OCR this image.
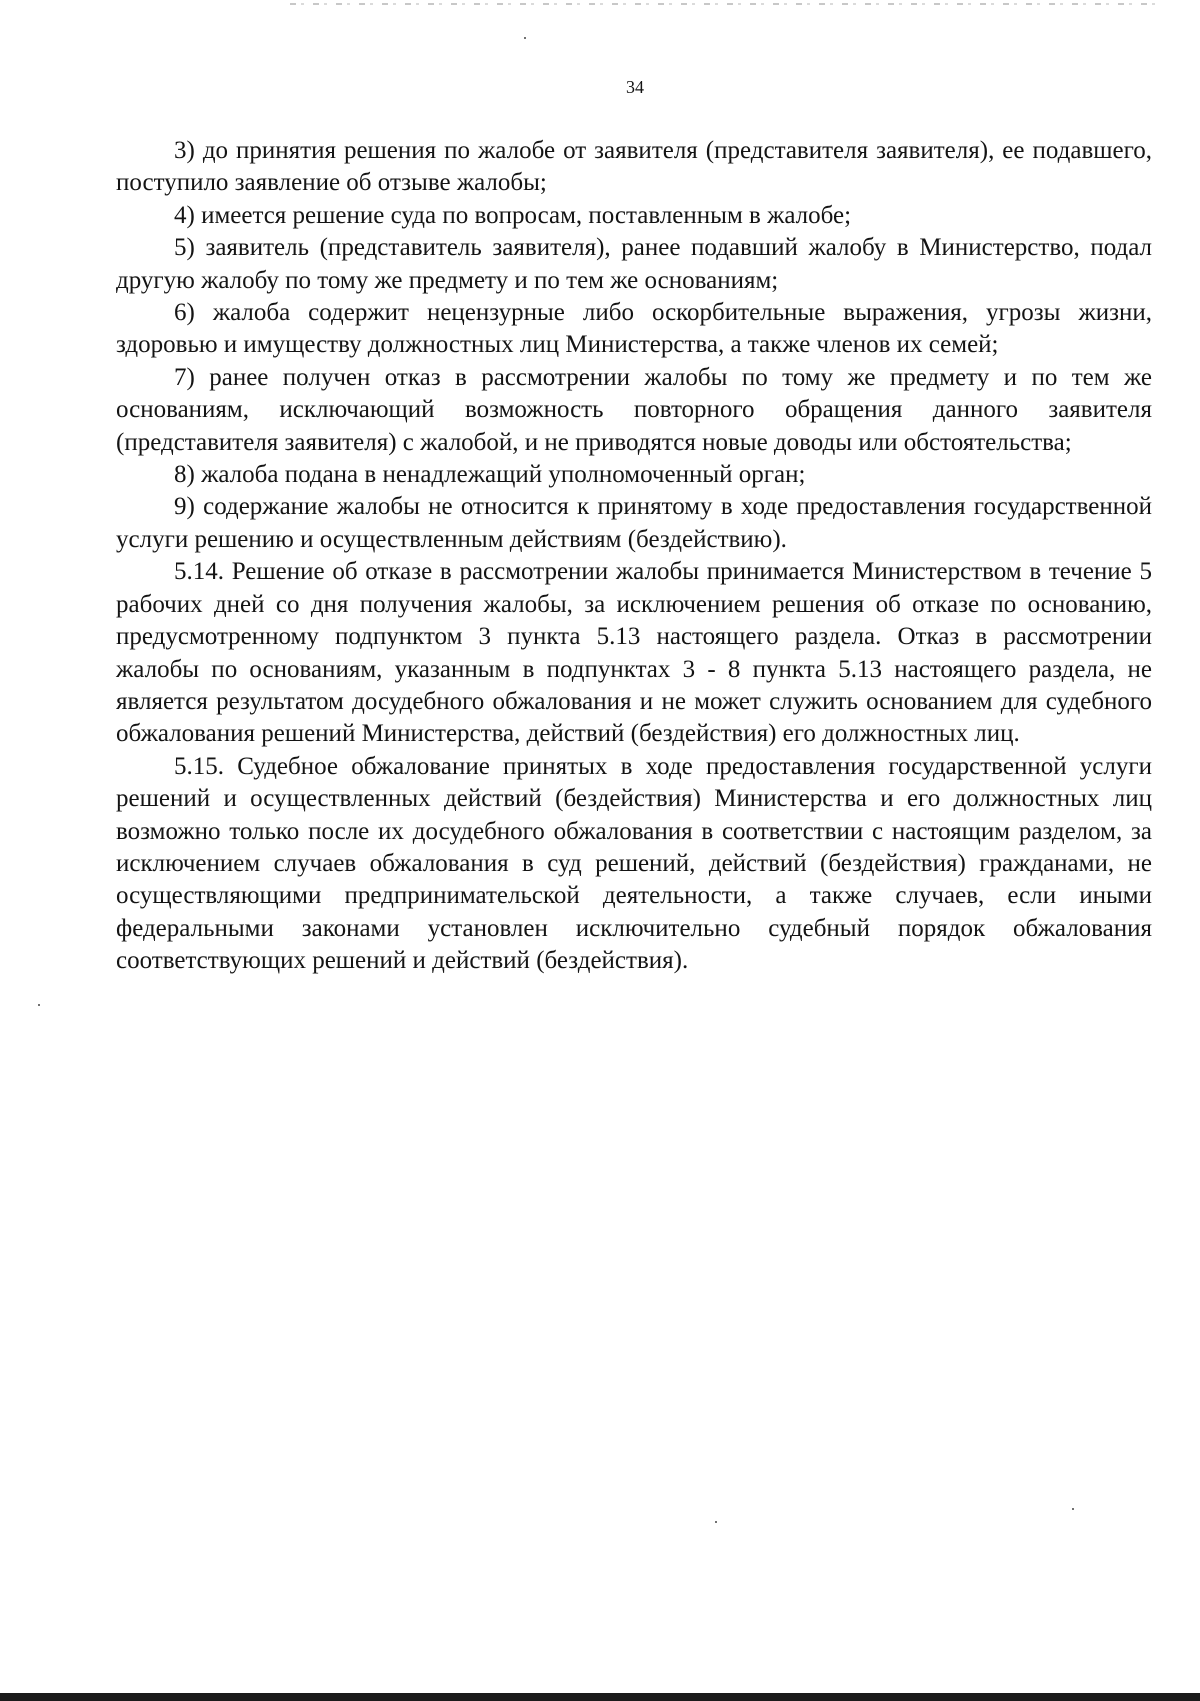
34

3) до принятия решения по жалобе от заявителя (представителя заявителя), ее подавшего, поступило заявление об отзыве жалобы;

4) имеется решение суда по вопросам, поставленным в жалобе;

5) заявитель (представитель заявителя), ранее подавший жалобу в Министерство, подал другую жалобу по тому же предмету и по тем же основаниям;

6) жалоба содержит нецензурные либо оскорбительные выражения, угрозы жизни, здоровью и имуществу должностных лиц Министерства, а также членов их семей;

7) ранее получен отказ в рассмотрении жалобы по тому же предмету и по тем же основаниям, исключающий возможность повторного обращения данного заявителя (представителя заявителя) с жалобой, и не приводятся новые доводы или обстоятельства;

8) жалоба подана в ненадлежащий уполномоченный орган;

9) содержание жалобы не относится к принятому в ходе предоставления государственной услуги решению и осуществленным действиям (бездействию).

5.14. Решение об отказе в рассмотрении жалобы принимается Министерством в течение 5 рабочих дней со дня получения жалобы, за исключением решения об отказе по основанию, предусмотренному подпунктом 3 пункта 5.13 настоящего раздела. Отказ в рассмотрении жалобы по основаниям, указанным в подпунктах 3 - 8 пункта 5.13 настоящего раздела, не является результатом досудебного обжалования и не может служить основанием для судебного обжалования решений Министерства, действий (бездействия) его должностных лиц.

5.15. Судебное обжалование принятых в ходе предоставления государственной услуги решений и осуществленных действий (бездействия) Министерства и его должностных лиц возможно только после их досудебного обжалования в соответствии с настоящим разделом, за исключением случаев обжалования в суд решений, действий (бездействия) гражданами, не осуществляющими предпринимательской деятельности, а также случаев, если иными федеральными законами установлен исключительно судебный порядок обжалования соответствующих решений и действий (бездействия).
